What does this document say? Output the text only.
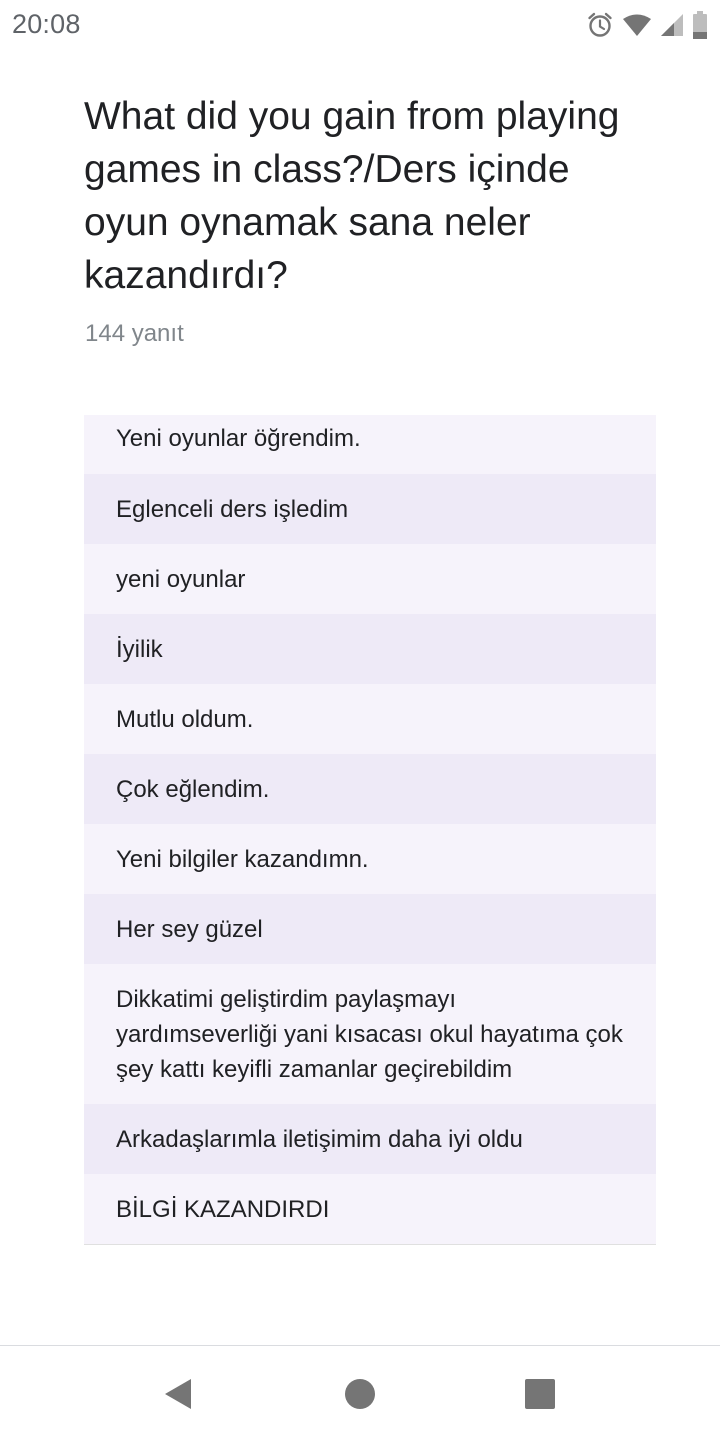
20:08
What did you gain from playing games in class?/Ders içinde oyun oynamak sana neler kazandırdı?
144 yanıt
Yeni oyunlar öğrendim.
Eglenceli ders işledim
yeni oyunlar
İyilik
Mutlu oldum.
Çok eğlendim.
Yeni bilgiler kazandımn.
Her sey güzel
Dikkatimi geliştirdim paylaşmayı yardımseverliği yani kısacası okul hayatıma çok şey kattı keyifli zamanlar geçirebildim
Arkadaşlarımla iletişimim daha iyi oldu
BİLGİ KAZANDIRDI
